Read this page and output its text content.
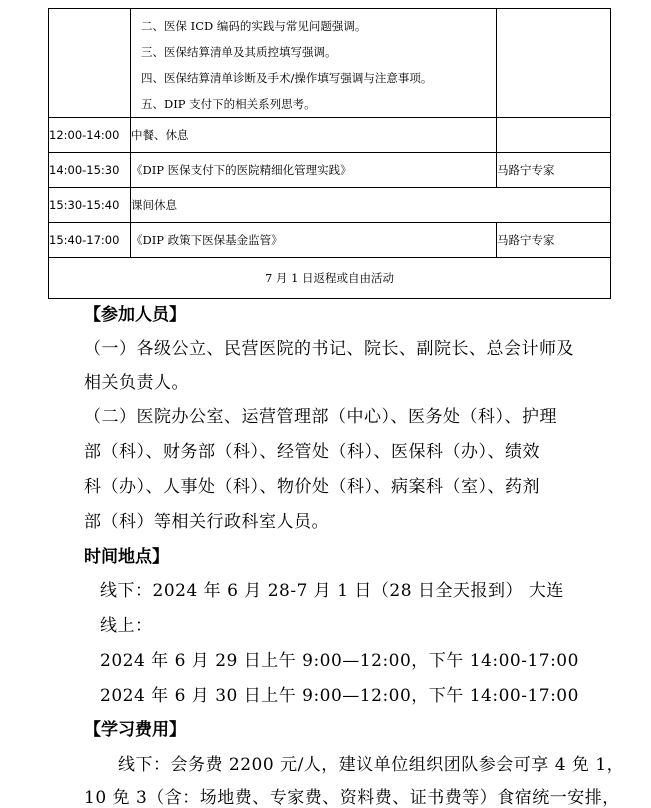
	二、医保 ICD 编码的实践与常见问题强调。
三、医保结算清单及其质控填写强调。
四、医保结算清单诊断及手术/操作填写强调与注意事项。
五、DIP 支付下的相关系列思考。	

12:00-14:00	中餐、休息	
14:00-15:30	《DIP 医保支付下的医院精细化管理实践》	马路宁专家
15:30-15:40	课间休息	
15:40-17:00	《DIP 政策下医保基金监管》	马路宁专家
7 月 1 日返程或自由活动		
【参加人员】
（一）各级公立、民营医院的书记、院长、副院长、总会计师及
相关负责人。
（二）医院办公室、运营管理部（中心）、医务处（科）、护理
部（科）、财务部（科）、经管处（科）、医保科（办）、绩效
科（办）、人事处（科）、物价处（科）、病案科（室）、药剂
部（科）等相关行政科室人员。
时间地点】
线下：2024 年 6 月 28-7 月 1 日（28 日全天报到） 大连
线上：
2024 年 6 月 29 日上午 9:00—12:00，下午 14:00-17:00
2024 年 6 月 30 日上午 9:00—12:00，下午 14:00-17:00
【学习费用】
线下：会务费 2200 元/人，建议单位组织团队参会可享 4 免 1，
10 免 3（含：场地费、专家费、资料费、证书费等）食宿统一安排，
